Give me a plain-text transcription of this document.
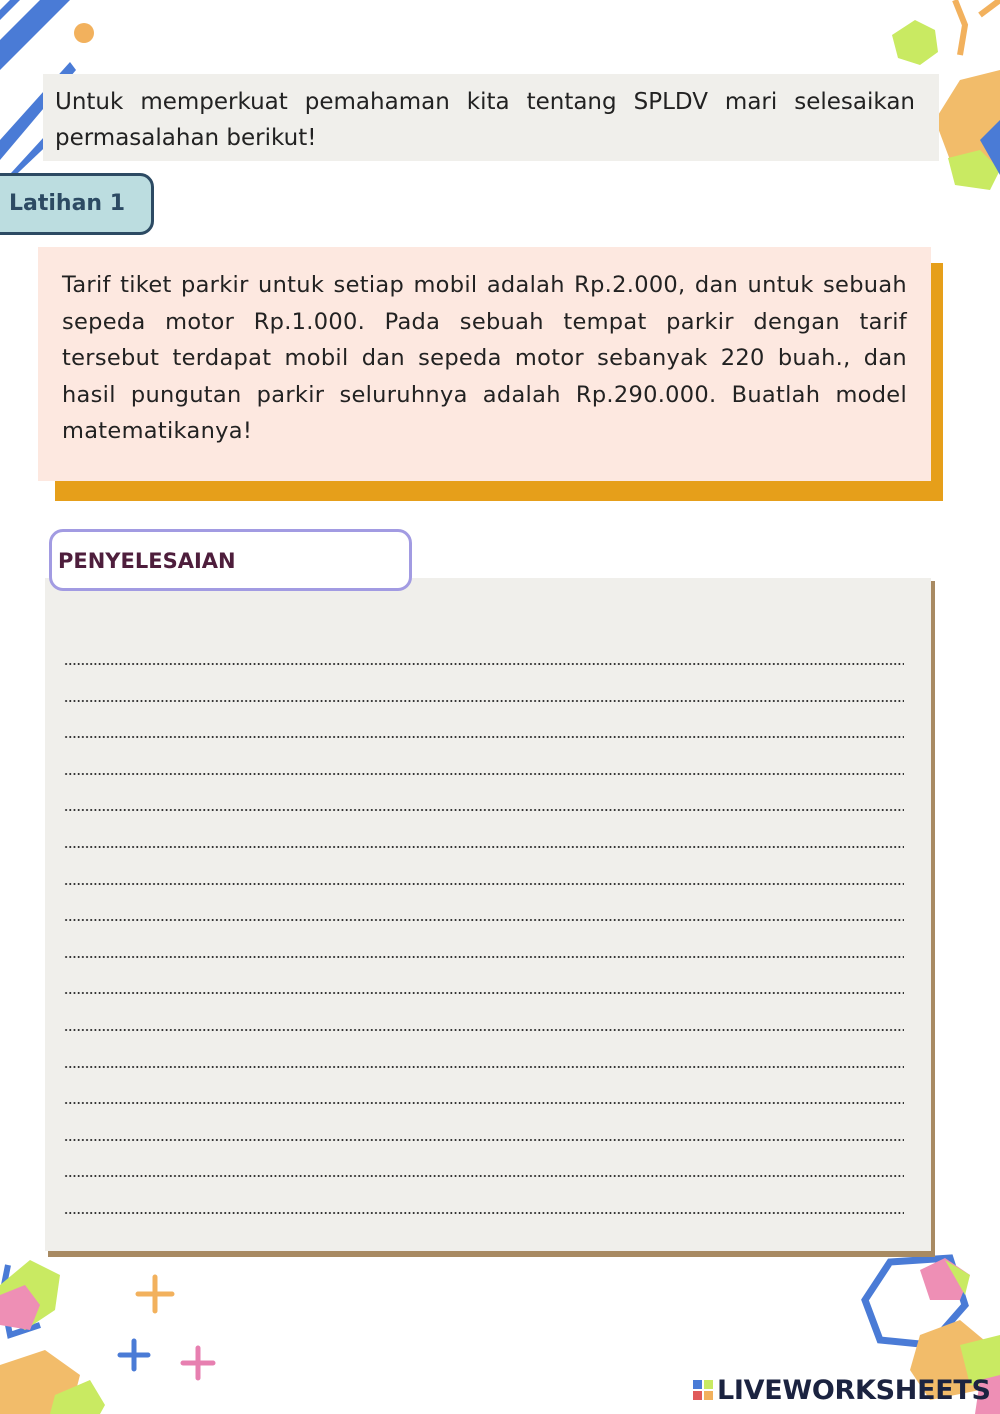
Untuk memperkuat pemahaman kita tentang SPLDV mari selesaikan permasalahan berikut!
Latihan 1
Tarif tiket parkir untuk setiap mobil adalah Rp.2.000, dan untuk sebuah sepeda motor Rp.1.000. Pada sebuah tempat parkir dengan tarif tersebut terdapat mobil dan sepeda motor sebanyak 220 buah., dan hasil pungutan parkir seluruhnya adalah Rp.290.000. Buatlah model matematikanya!
PENYELESAIAN
LIVEWORKSHEETS
